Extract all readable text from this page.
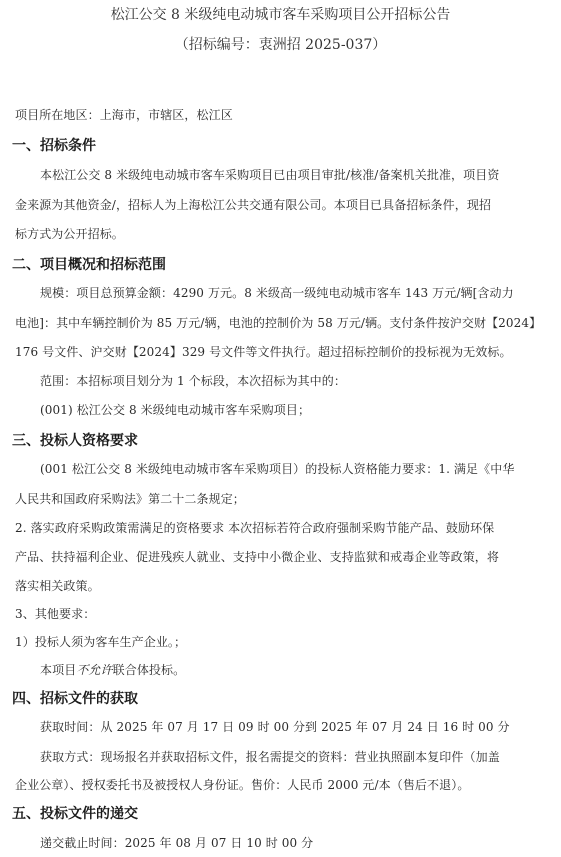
松江公交 8 米级纯电动城市客车采购项目公开招标公告
（招标编号：衷洲招 2025-037）
项目所在地区：上海市，市辖区，松江区
一、招标条件
本松江公交 8 米级纯电动城市客车采购项目已由项目审批/核准/备案机关批准，项目资
金来源为其他资金/，招标人为上海松江公共交通有限公司。本项目已具备招标条件，现招
标方式为公开招标。
二、项目概况和招标范围
规模：项目总预算金额：4290 万元。8 米级高一级纯电动城市客车 143 万元/辆[含动力
电池]：其中车辆控制价为 85 万元/辆，电池的控制价为 58 万元/辆。支付条件按沪交财【2024】
176 号文件、沪交财【2024】329 号文件等文件执行。超过招标控制价的投标视为无效标。
范围：本招标项目划分为 1 个标段，本次招标为其中的：
(001) 松江公交 8 米级纯电动城市客车采购项目；
三、投标人资格要求
(001 松江公交 8 米级纯电动城市客车采购项目）的投标人资格能力要求：1. 满足《中华
人民共和国政府采购法》第二十二条规定；
2. 落实政府采购政策需满足的资格要求 本次招标若符合政府强制采购节能产品、鼓励环保
产品、扶持福利企业、促进残疾人就业、支持中小微企业、支持监狱和戒毒企业等政策，将
落实相关政策。
3、其他要求：
1）投标人须为客车生产企业。；
本项目不允许联合体投标。
四、招标文件的获取
获取时间：从 2025 年 07 月 17 日 09 时 00 分到 2025 年 07 月 24 日 16 时 00 分
获取方式：现场报名并获取招标文件，报名需提交的资料：营业执照副本复印件（加盖
企业公章）、授权委托书及被授权人身份证。售价：人民币 2000 元/本（售后不退）。
五、投标文件的递交
递交截止时间：2025 年 08 月 07 日 10 时 00 分
